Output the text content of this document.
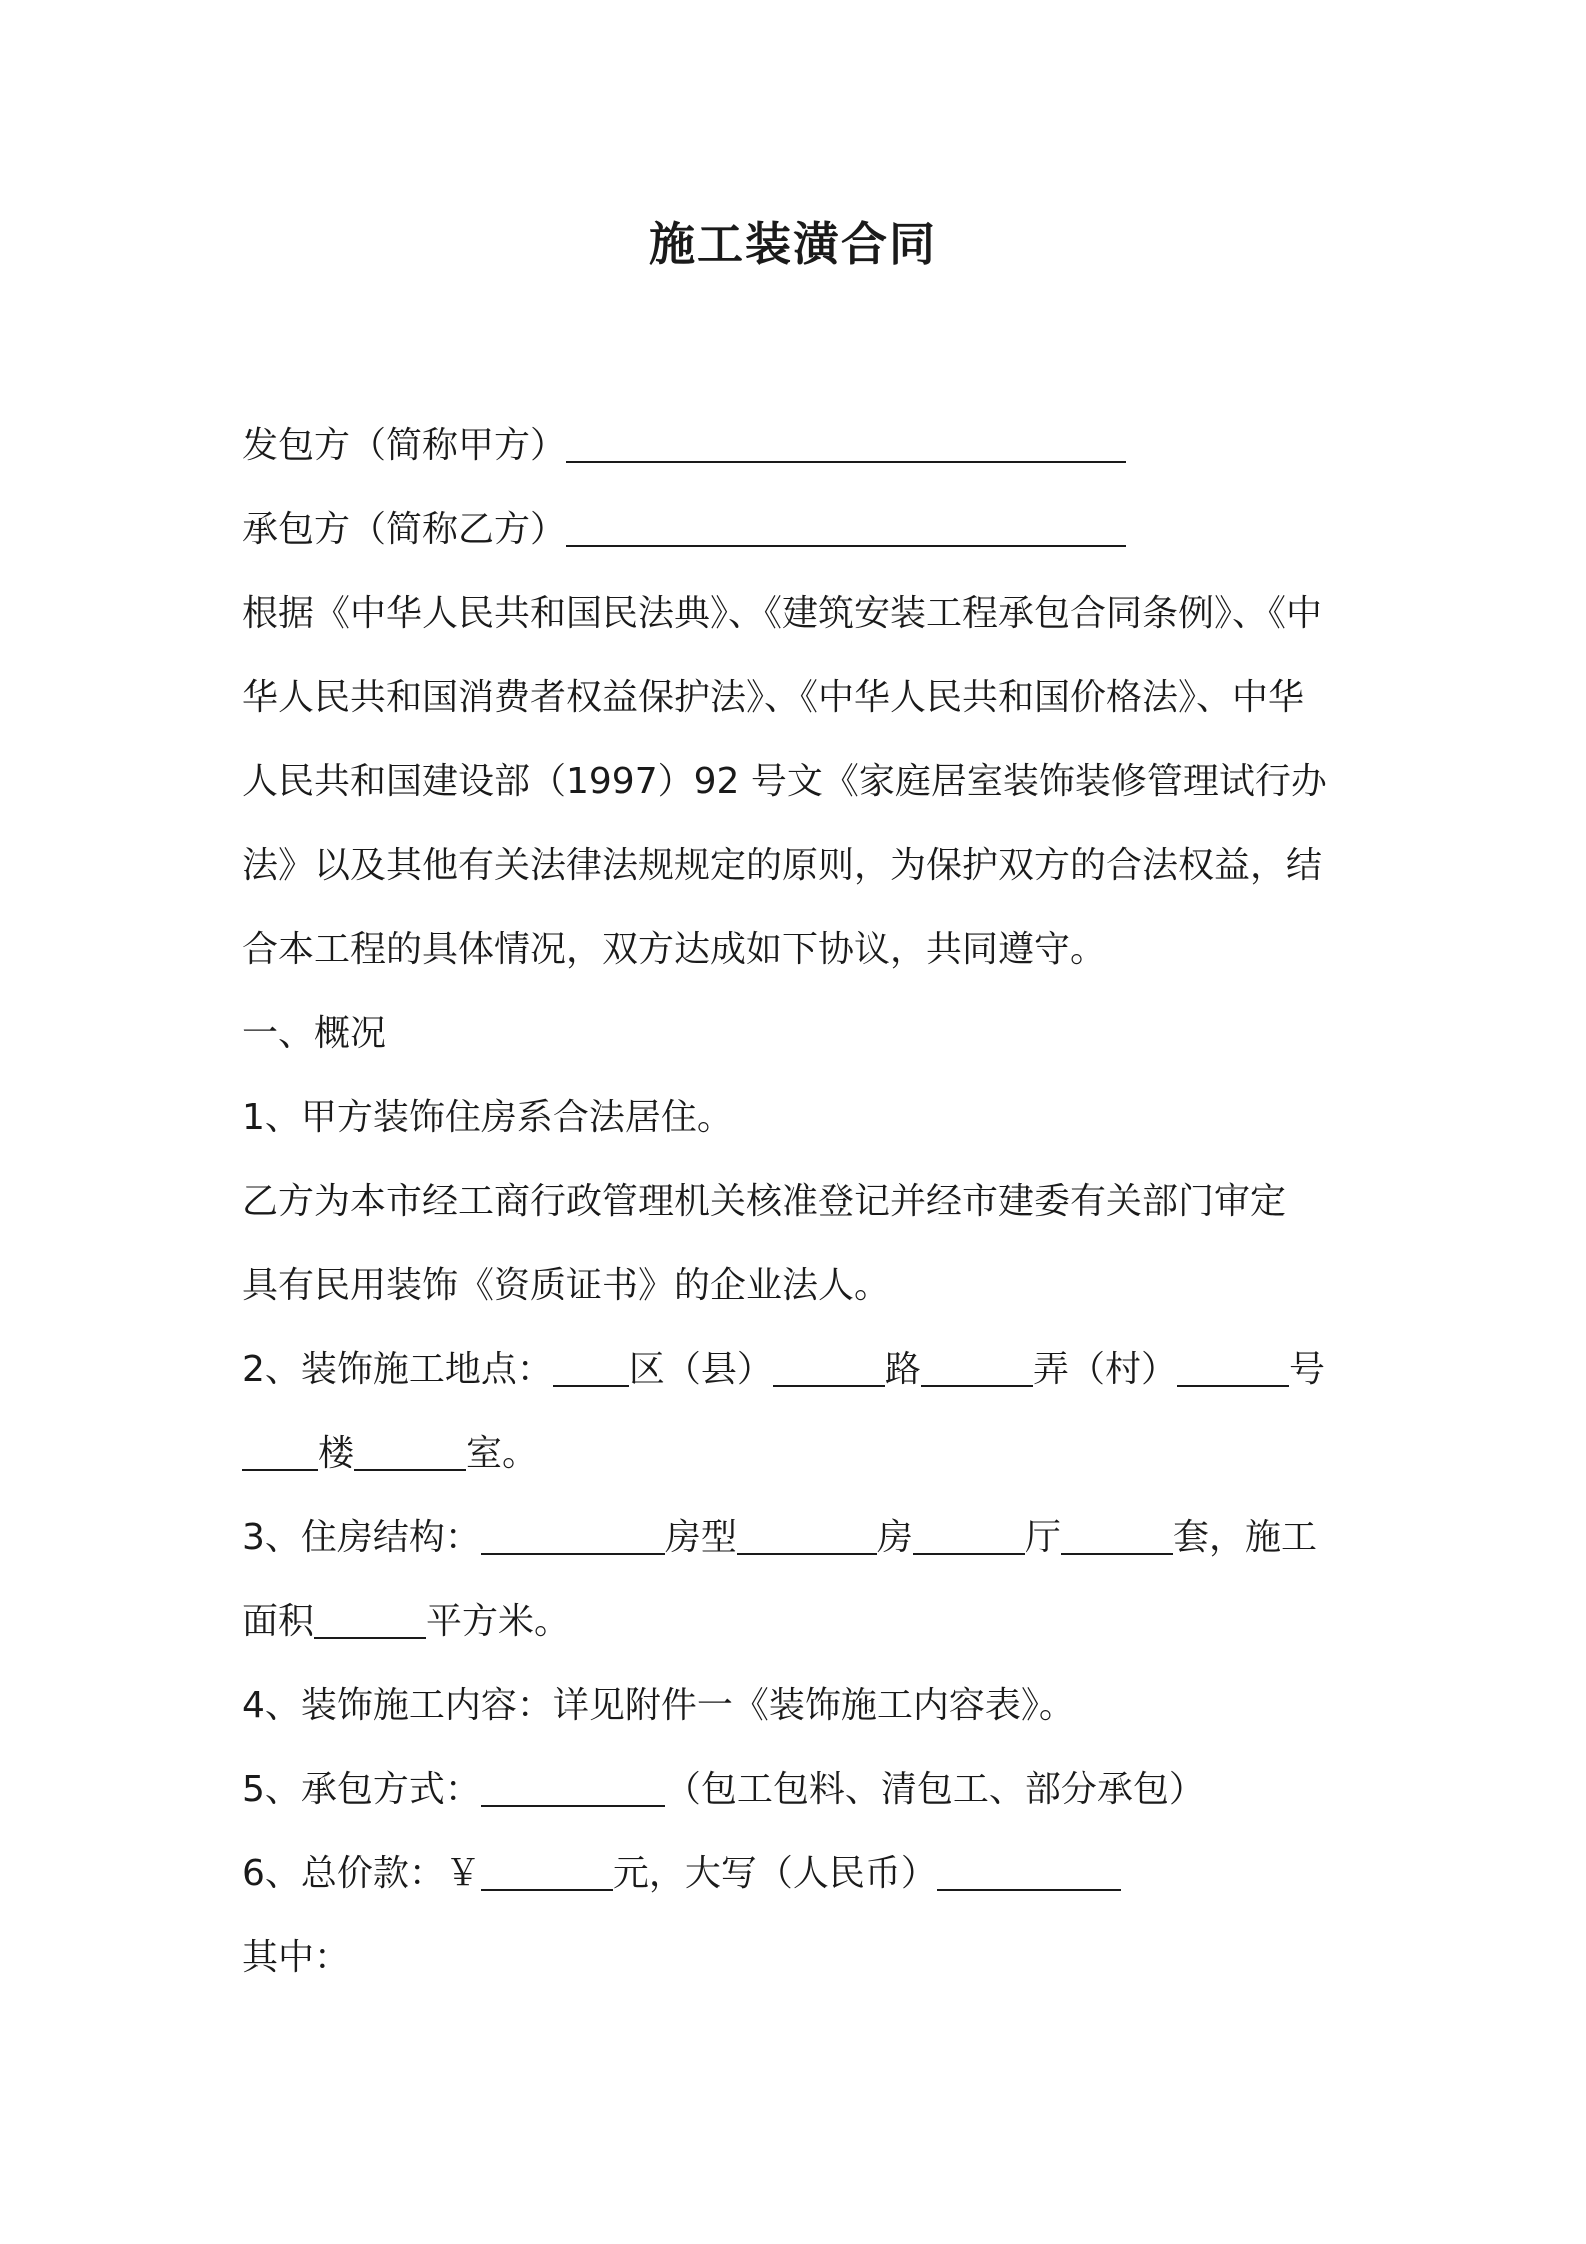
施工装潢合同
发包方（简称甲方）
承包方（简称乙方）
根据《中华人民共和国民法典》、《建筑安装工程承包合同条例》、《中
华人民共和国消费者权益保护法》、《中华人民共和国价格法》、中华
人民共和国建设部（1997）92 号文《家庭居室装饰装修管理试行办
法》以及其他有关法律法规规定的原则，为保护双方的合法权益，结
合本工程的具体情况，双方达成如下协议，共同遵守。
一、概况
1、甲方装饰住房系合法居住。
乙方为本市经工商行政管理机关核准登记并经市建委有关部门审定
具有民用装饰《资质证书》的企业法人。
2、装饰施工地点： 区（县）	路	弄（村）	号
楼	室。
3、住房结构：	房型	房	厅	套，施工
面积	平方米。
4、装饰施工内容：详见附件一《装饰施工内容表》。
5、承包方式：	（包工包料、清包工、部分承包）
6、总价款：￥	元，大写（人民币）
其中：
